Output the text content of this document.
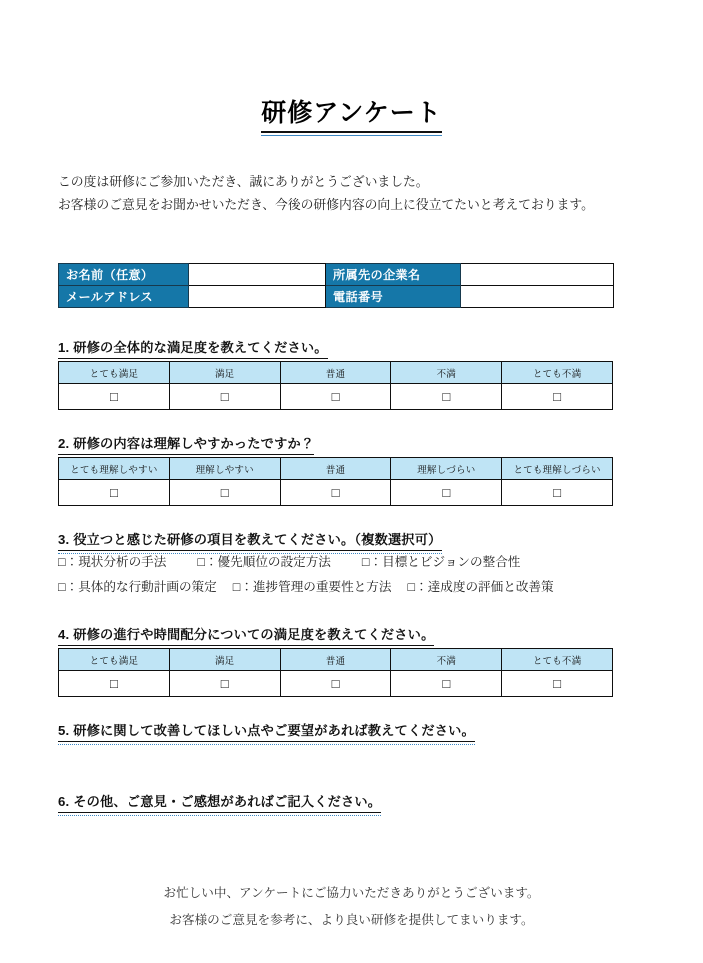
研修アンケート

この度は研修にご参加いただき、誠にありがとうございました。

お客様のご意見をお聞かせいただき、今後の研修内容の向上に役立てたいと考えております。

お名前（任意）		所属先の企業名	
メールアドレス		電話番号	
1. 研修の全体的な満足度を教えてください。
とても満足	満足	普通	不満	とても不満
□	□	□	□	□
2. 研修の内容は理解しやすかったですか？
とても理解しやすい	理解しやすい	普通	理解しづらい	とても理解しづらい
□	□	□	□	□
3. 役立つと感じた研修の項目を教えてください。（複数選択可）
□：現状分析の手法 □：優先順位の設定方法 □：目標とビジョンの整合性
□：具体的な行動計画の策定 □：進捗管理の重要性と方法 □：達成度の評価と改善策
4. 研修の進行や時間配分についての満足度を教えてください。
とても満足	満足	普通	不満	とても不満
□	□	□	□	□
5. 研修に関して改善してほしい点やご要望があれば教えてください。
6. その他、ご意見・ご感想があればご記入ください。
お忙しい中、アンケートにご協力いただきありがとうございます。
お客様のご意見を参考に、より良い研修を提供してまいります。
